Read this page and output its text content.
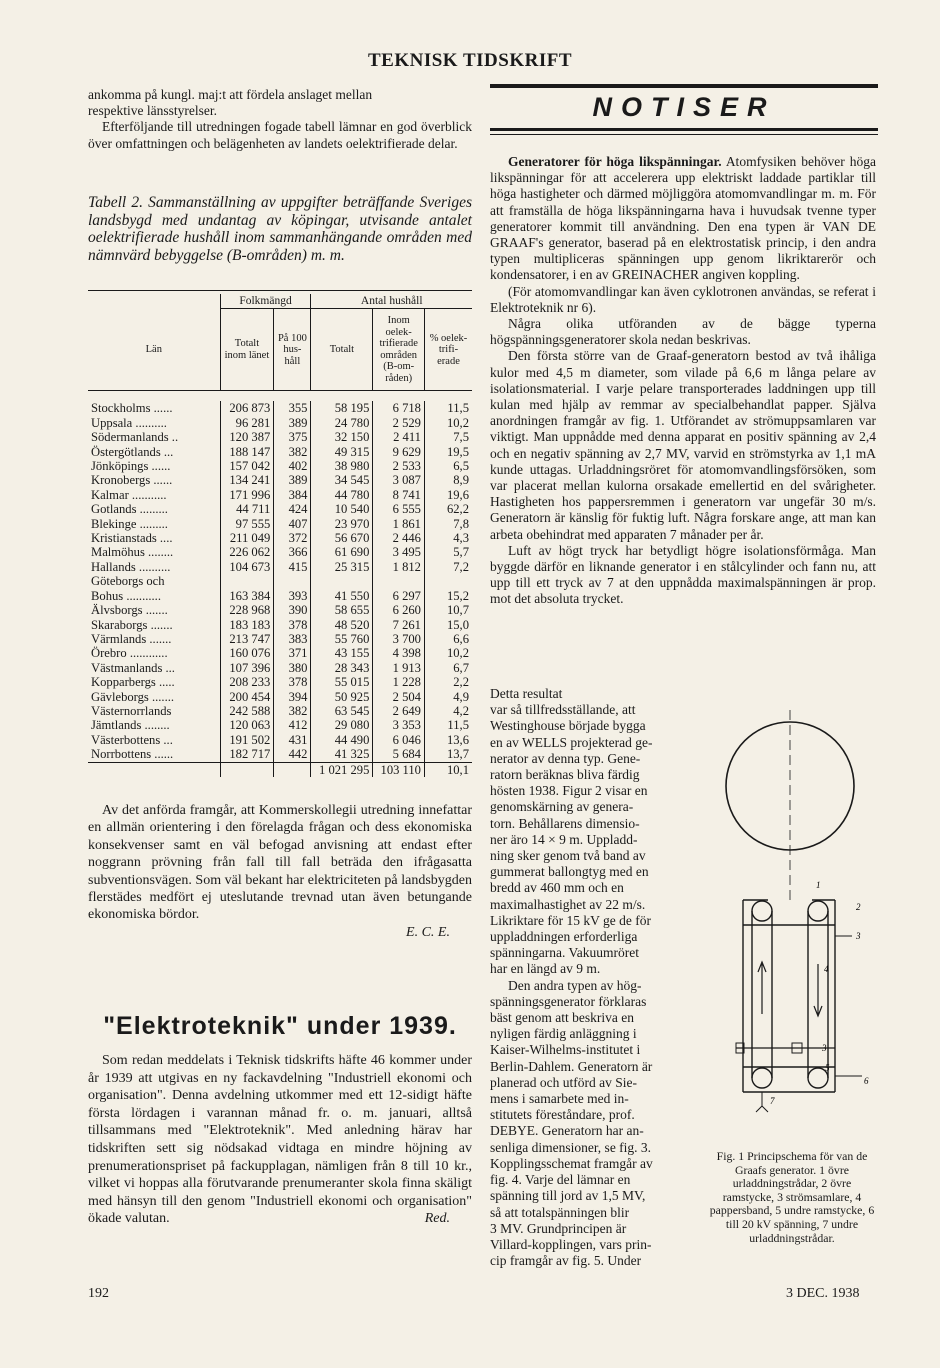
TEKNISK TIDSKRIFT

ankomma på kungl. maj:t att fördela anslaget mellan

respektive länsstyrelser.

Efterföljande till utredningen fogade tabell lämnar en god överblick över omfattningen och belägenheten av landets oelektrifierade delar.

Tabell 2. Sammanställning av uppgifter beträffande Sveriges landsbygd med undantag av köpingar, utvisande antalet oelektrifierade hushåll inom sammanhängande områden med nämnvärd bebyggelse (B-områden) m. m.
	Folkmängd		Antal hushåll		
Län	Totalt inom länet	På 100 hus- håll	Totalt	Inom oelek- trifierade områden (B-om- råden)	% oelek- trifi- erade

Stockholms ......	206 873	355	58 195	6 718	11,5
Uppsala ..........	96 281	389	24 780	2 529	10,2
Södermanlands ..	120 387	375	32 150	2 411	7,5
Östergötlands ...	188 147	382	49 315	9 629	19,5
Jönköpings ......	157 042	402	38 980	2 533	6,5
Kronobergs ......	134 241	389	34 545	3 087	8,9
Kalmar ...........	171 996	384	44 780	8 741	19,6
Gotlands .........	44 711	424	10 540	6 555	62,2
Blekinge .........	97 555	407	23 970	1 861	7,8
Kristianstads ....	211 049	372	56 670	2 446	4,3
Malmöhus ........	226 062	366	61 690	3 495	5,7
Hallands ..........	104 673	415	25 315	1 812	7,2
Göteborgs och					
Bohus ...........	163 384	393	41 550	6 297	15,2
Älvsborgs .......	228 968	390	58 655	6 260	10,7
Skaraborgs .......	183 183	378	48 520	7 261	15,0
Värmlands .......	213 747	383	55 760	3 700	6,6
Örebro ............	160 076	371	43 155	4 398	10,2
Västmanlands ...	107 396	380	28 343	1 913	6,7
Kopparbergs .....	208 233	378	55 015	1 228	2,2
Gävleborgs .......	200 454	394	50 925	2 504	4,9
Västernorrlands	242 588	382	63 545	2 649	4,2
Jämtlands ........	120 063	412	29 080	3 353	11,5
Västerbottens ...	191 502	431	44 490	6 046	13,6
Norrbottens ......	182 717	442	41 325	5 684	13,7
			1 021 295	103 110	10,1

Av det anförda framgår, att Kommerskollegii utredning innefattar en allmän orientering i den förelagda frågan och dess ekonomiska konsekvenser samt en väl befogad anvisning att endast efter noggrann prövning från fall till fall beträda den ifrågasatta subventionsvägen. Som väl bekant har elektriciteten på landsbygden flerstädes medfört ej uteslutande trevnad utan även betungande ekonomiska bördor.

E. C. E.
"Elektroteknik" under 1939.

Som redan meddelats i Teknisk tidskrifts häfte 46 kommer under år 1939 att utgivas en ny fackavdelning "Industriell ekonomi och organisation". Denna avdelning utkommer med ett 12-sidigt häfte första lördagen i varannan månad fr. o. m. januari, alltså tillsammans med "Elektroteknik". Med anledning härav har tidskriften sett sig nödsakad vidtaga en mindre höjning av prenumerationspriset på fackupplagan, nämligen från 8 till 10 kr., vilket vi hoppas alla förutvarande prenumeranter skola finna skäligt med hänsyn till den genom "Industriell ekonomi och organisation" ökade valutan.	Red.
NOTISER

Generatorer för höga likspänningar. Atomfysiken behöver höga likspänningar för att accelerera upp elektriskt laddade partiklar till höga hastigheter och därmed möjliggöra atomomvandlingar m. m. För att framställa de höga likspänningarna hava i huvudsak tvenne typer generatorer kommit till användning. Den ena typen är VAN DE GRAAF's generator, baserad på en elektrostatisk princip, i den andra typen multipliceras spänningen upp genom likriktarerör och kondensatorer, i en av GREINACHER angiven koppling.

(För atomomvandlingar kan även cyklotronen användas, se referat i Elektroteknik nr 6).

Några olika utföranden av de bägge typerna högspänningsgeneratorer skola nedan beskrivas.

Den första större van de Graaf-generatorn bestod av två ihåliga kulor med 4,5 m diameter, som vilade på 6,6 m långa pelare av isolationsmaterial. I varje pelare transporterades laddningen upp till kulan med hjälp av remmar av specialbehandlat papper. Själva anordningen framgår av fig. 1. Utförandet av strömuppsamlaren var viktigt. Man uppnådde med denna apparat en positiv spänning av 2,4 och en negativ spänning av 2,7 MV, varvid en strömstyrka av 1,1 mA kunde uttagas. Urladdningsröret för atomomvandlingsförsöken, som var placerat mellan kulorna orsakade emellertid en del svårigheter. Hastigheten hos pappersremmen i generatorn var ungefär 30 m/s. Generatorn är känslig för fuktig luft. Några forskare ange, att man kan arbeta obehindrat med apparaten 7 månader per år.

Luft av högt tryck har betydligt högre isolationsförmåga. Man byggde därför en liknande generator i en stålcylinder och fann nu, att upp till ett tryck av 7 at den uppnådda maximalspänningen är prop. mot det absoluta trycket.

Detta resultat
var så tillfredsställande, att
Westinghouse började bygga
en av WELLS projekterad ge-
nerator av denna typ. Gene-
ratorn beräknas bliva färdig
hösten 1938. Figur 2 visar en
genomskärning av genera-
torn. Behållarens dimensio-
ner äro 14 × 9 m. Uppladd-
ning sker genom två band av
gummerat ballongtyg med en
bredd av 460 mm och en
maximalhastighet av 22 m/s.
Likriktare för 15 kV ge de för
uppladdningen erforderliga
spänningarna. Vakuumröret
har en längd av 9 m.
Den andra typen av hög-
spänningsgenerator förklaras
bäst genom att beskriva en
nyligen färdig anläggning i
Kaiser-Wilhelms-institutet i
Berlin-Dahlem. Generatorn är
planerad och utförd av Sie-
mens i samarbete med in-
stitutets föreståndare, prof.
DEBYE. Generatorn har an-
senliga dimensioner, se fig. 3.
Kopplingsschemat framgår av
fig. 4. Varje del lämnar en
spänning till jord av 1,5 MV,
så att totalspänningen blir
3 MV. Grundprincipen är
Villard-kopplingen, vars prin-
cip framgår av fig. 5. Under
1
2
3
4
3
5
6
7
Fig. 1 Principschema för van de Graafs generator. 1 övre urladdningstrådar, 2 övre ramstycke, 3 strömsamlare, 4 pappersband, 5 undre ramstycke, 6 till 20 kV spänning, 7 undre urladdningstrådar.
192	3 DEC. 1938
